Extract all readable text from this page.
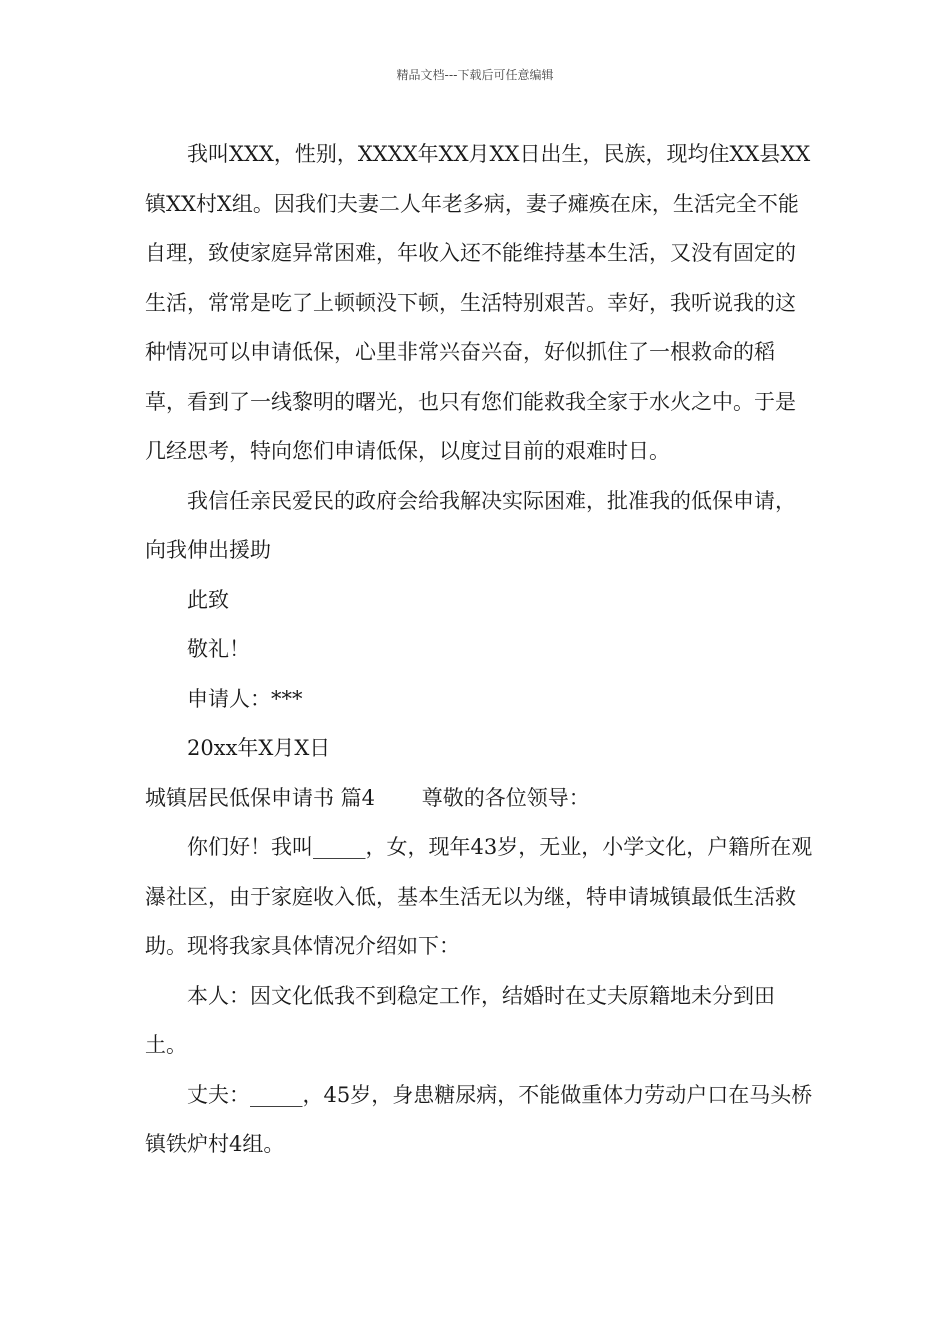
精品文档---下载后可任意编辑

我叫XXX，性别，XXXX年XX月XX日出生，民族，现均住XX县XX镇XX村X组。因我们夫妻二人年老多病，妻子瘫痪在床，生活完全不能自理，致使家庭异常困难，年收入还不能维持基本生活，又没有固定的生活，常常是吃了上顿顿没下顿，生活特别艰苦。幸好，我听说我的这种情况可以申请低保，心里非常兴奋兴奋，好似抓住了一根救命的稻草，看到了一线黎明的曙光，也只有您们能救我全家于水火之中。于是几经思考，特向您们申请低保，以度过目前的艰难时日。

我信任亲民爱民的政府会给我解决实际困难，批准我的低保申请，向我伸出援助

此致

敬礼！

申请人：***

20xx年X月X日

城镇居民低保申请书 篇4       尊敬的各位领导：

你们好！我叫_____，女，现年43岁，无业，小学文化，户籍所在观瀑社区，由于家庭收入低，基本生活无以为继，特申请城镇最低生活救助。现将我家具体情况介绍如下：

本人：因文化低我不到稳定工作，结婚时在丈夫原籍地未分到田土。

丈夫：_____，45岁，身患糖尿病，不能做重体力劳动户口在马头桥镇铁炉村4组。
